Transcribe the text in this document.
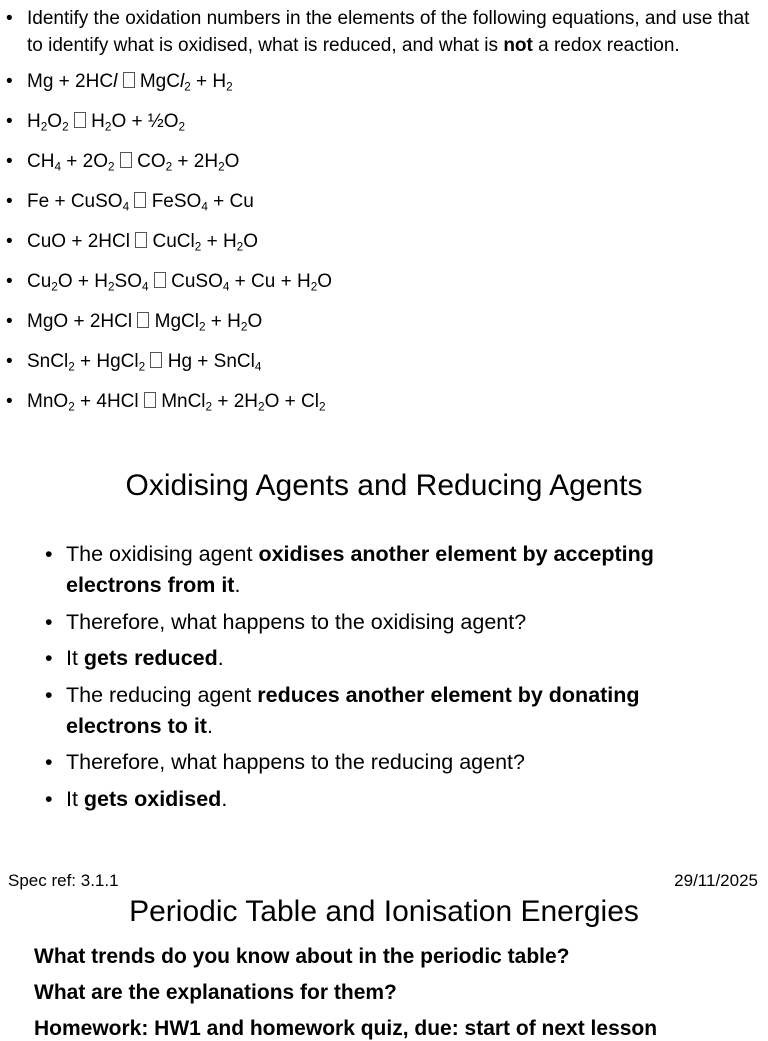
• Identify the oxidation numbers in the elements of the following equations, and use that to identify what is oxidised, what is reduced, and what is not a redox reaction.
• Mg + 2HCl MgCl$_2$ + $H_2$
• $H_2O_2$ $H_2O$ + $\frac{1}{2}O_2$
• $CH_4 + 2O_2$ $CO_2 + 2H_2O$
• Fe + CuSO$_4$ FeSO$_4$ + Cu
• CuO + 2HCl CuCl$_2$ + $H_2O$
• $Cu_2O + H_2SO_4$ CuSO$_4$ + $Cu + H_2O$
• MgO + 2HCl MgCl$_2$ + $H_2O$
• SnCl$_2$ + HgCl$_2$ Hg + SnCl$_4$
• MnO$_2$ + 4HCl MnCl$_2$ + $2H_2O + Cl_2$
Oxidising Agents and Reducing Agents
• The oxidising agent oxidises another element by accepting electrons from it.
• Therefore, what happens to the oxidising agent?
• It gets reduced.
• The reducing agent reduces another element by donating electrons to it.
• Therefore, what happens to the reducing agent?
• It gets oxidised.
Spec ref: 3.1.1	29/11/2025
Periodic Table and Ionisation Energies
What trends do you know about in the periodic table?
What are the explanations for them?
Homework: HW1 and homework quiz, due: start of next lesson
